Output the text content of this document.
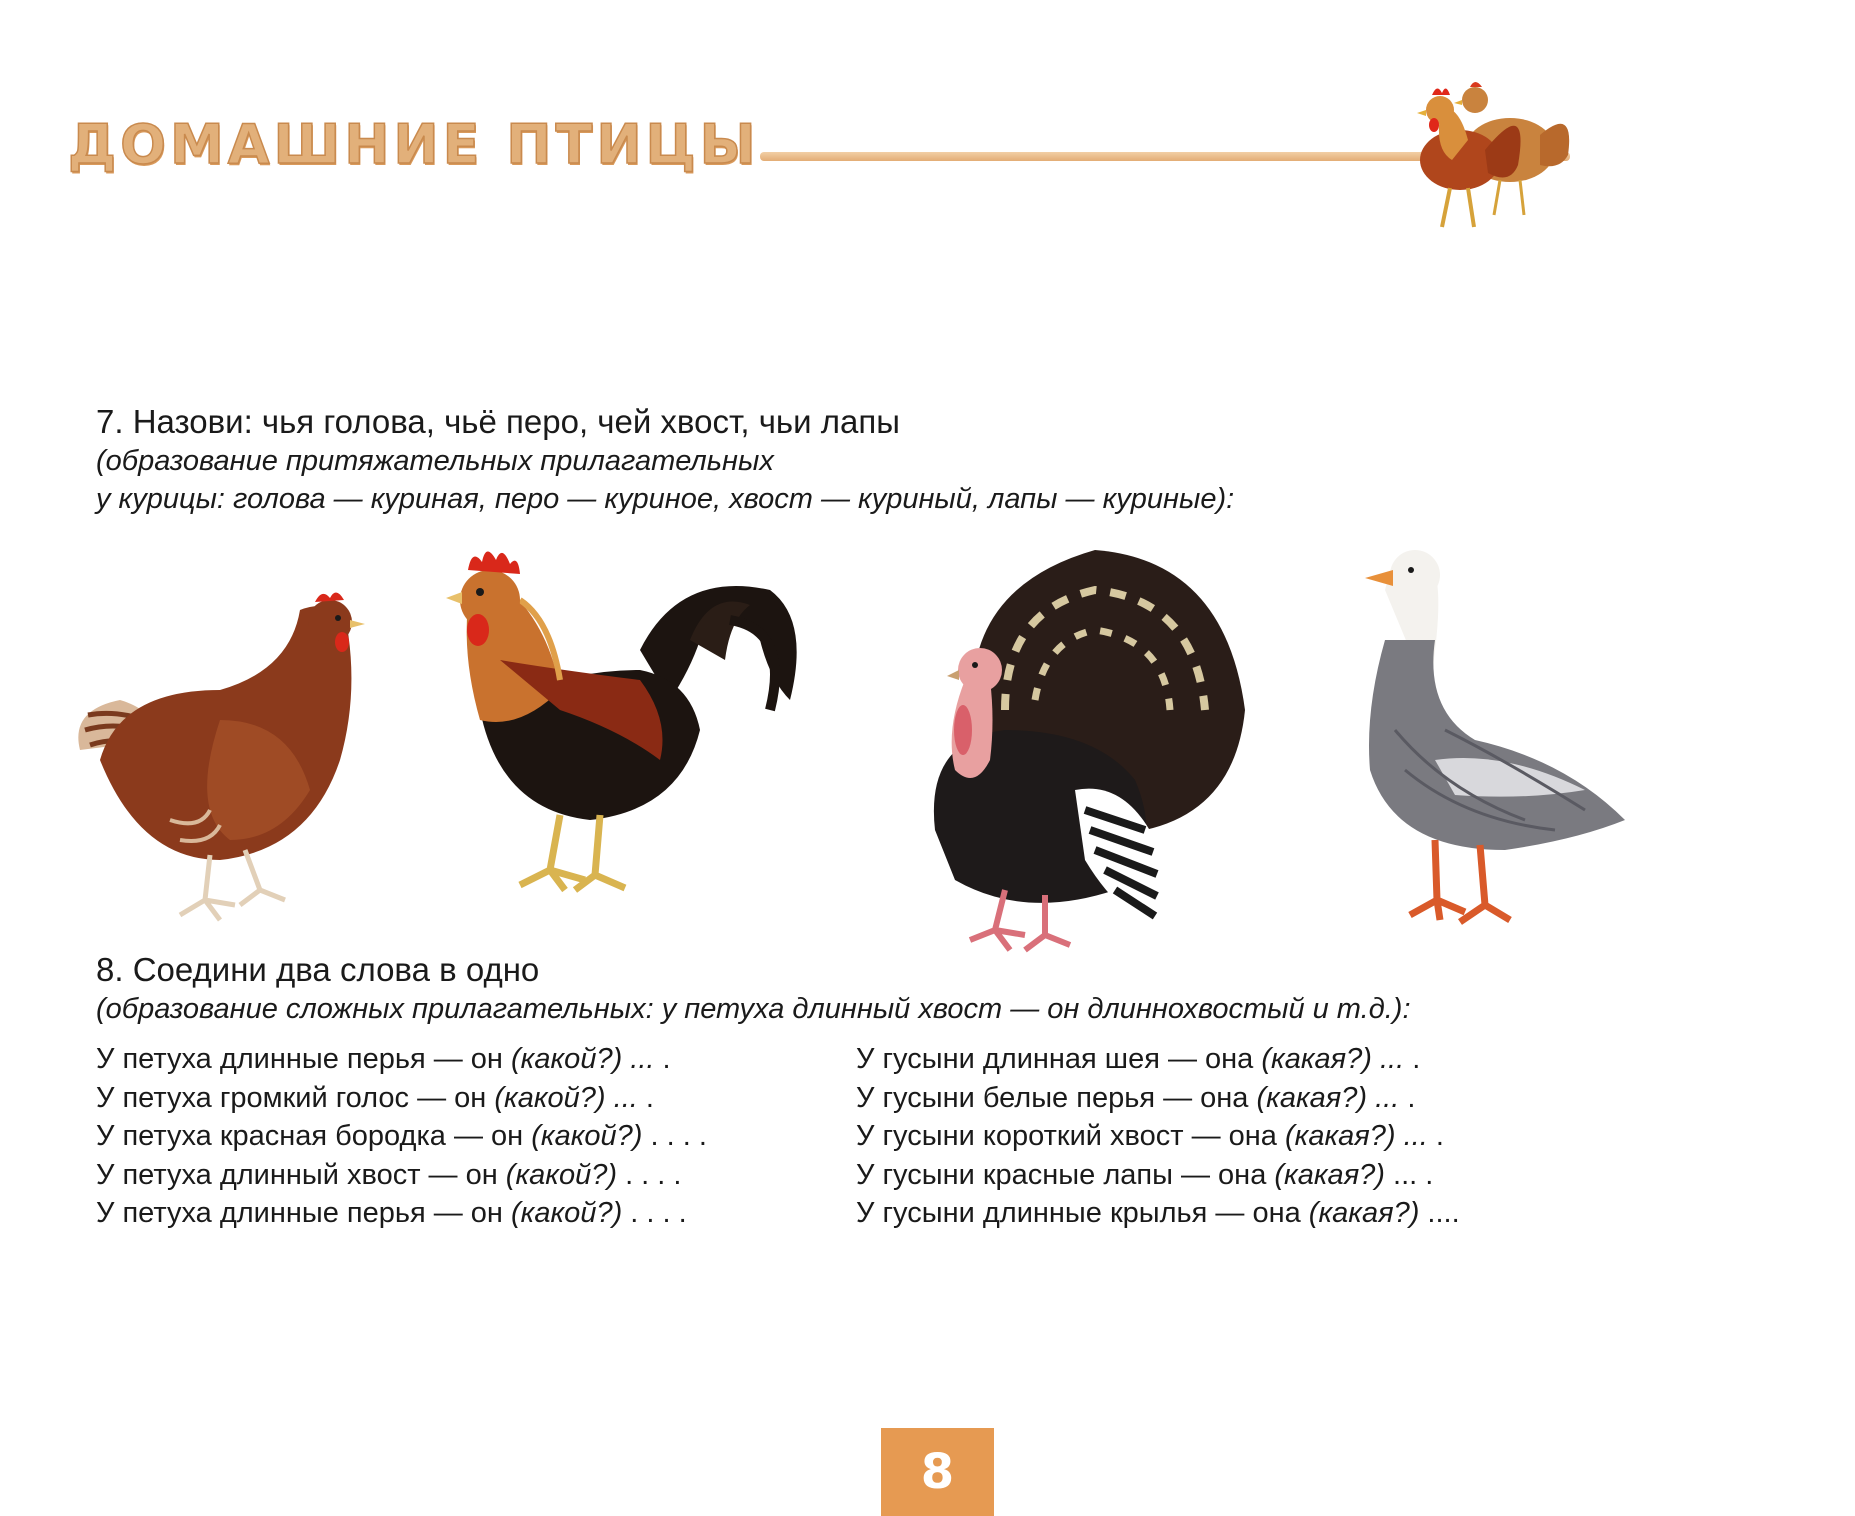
ДОМАШНИЕ ПТИЦЫ
7. Назови: чья голова, чьё перо, чей хвост, чьи лапы
(образование притяжательных прилагательных
у курицы: голова — куриная, перо — куриное, хвост — куриный, лапы — куриные):
8. Соедини два слова в одно
(образование сложных прилагательных: у петуха длинный хвост — он длиннохвостый и т.д.):
У петуха длинные перья — он (какой?) ... .
У петуха громкий голос — он (какой?) ... .
У петуха красная бородка — он (какой?) . . . .
У петуха длинный хвост — он (какой?) . . . .
У петуха длинные перья — он (какой?) . . . .
У гусыни длинная шея — она (какая?) ... .
У гусыни белые перья — она (какая?) ... .
У гусыни короткий хвост — она (какая?) ... .
У гусыни красные лапы — она (какая?) ... .
У гусыни длинные крылья — она (какая?) ....
8
